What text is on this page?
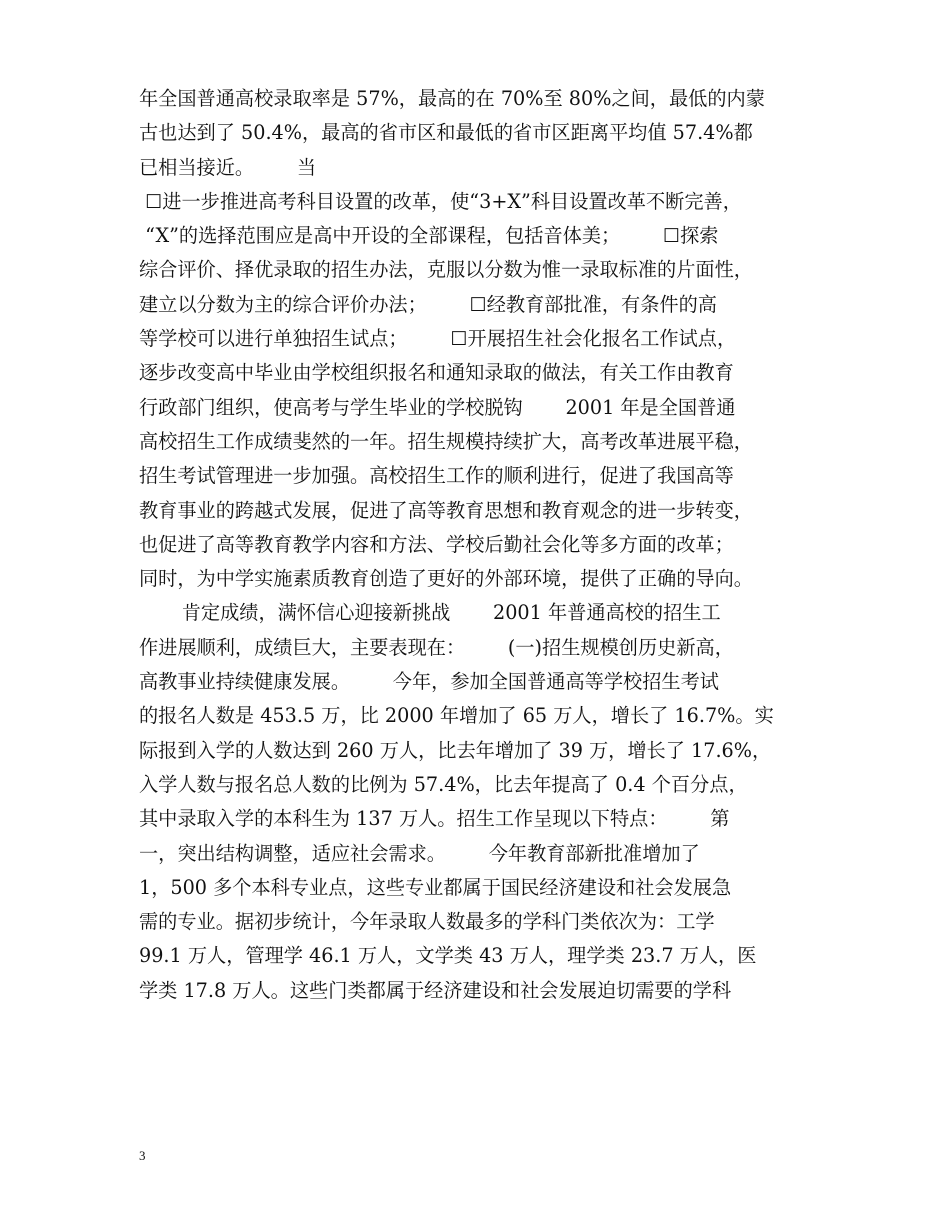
年全国普通高校录取率是 57%，最高的在 70%至 80%之间，最低的内蒙
古也达到了 50.4%，最高的省市区和最低的省市区距离平均值 57.4%都
已相当接近。       当
☐进一步推进高考科目设置的改革，使“3+X”科目设置改革不断完善，
“X”的选择范围应是高中开设的全部课程，包括音体美；       ☐探索
综合评价、择优录取的招生办法，克服以分数为惟一录取标准的片面性，
建立以分数为主的综合评价办法；       ☐经教育部批准，有条件的高
等学校可以进行单独招生试点；       ☐开展招生社会化报名工作试点，
逐步改变高中毕业由学校组织报名和通知录取的做法，有关工作由教育
行政部门组织，使高考与学生毕业的学校脱钩       2001 年是全国普通
高校招生工作成绩斐然的一年。招生规模持续扩大，高考改革进展平稳，
招生考试管理进一步加强。高校招生工作的顺利进行，促进了我国高等
教育事业的跨越式发展，促进了高等教育思想和教育观念的进一步转变，
也促进了高等教育教学内容和方法、学校后勤社会化等多方面的改革；
同时，为中学实施素质教育创造了更好的外部环境，提供了正确的导向。
肯定成绩，满怀信心迎接新挑战       2001 年普通高校的招生工
作进展顺利，成绩巨大，主要表现在：       (一)招生规模创历史新高，
高教事业持续健康发展。       今年，参加全国普通高等学校招生考试
的报名人数是 453.5 万，比 2000 年增加了 65 万人，增长了 16.7%。实
际报到入学的人数达到 260 万人，比去年增加了 39 万，增长了 17.6%，
入学人数与报名总人数的比例为 57.4%，比去年提高了 0.4 个百分点，
其中录取入学的本科生为 137 万人。招生工作呈现以下特点：       第
一，突出结构调整，适应社会需求。       今年教育部新批准增加了
1，500 多个本科专业点，这些专业都属于国民经济建设和社会发展急
需的专业。据初步统计，今年录取人数最多的学科门类依次为：工学
99.1 万人，管理学 46.1 万人，文学类 43 万人，理学类 23.7 万人，医
学类 17.8 万人。这些门类都属于经济建设和社会发展迫切需要的学科
3
